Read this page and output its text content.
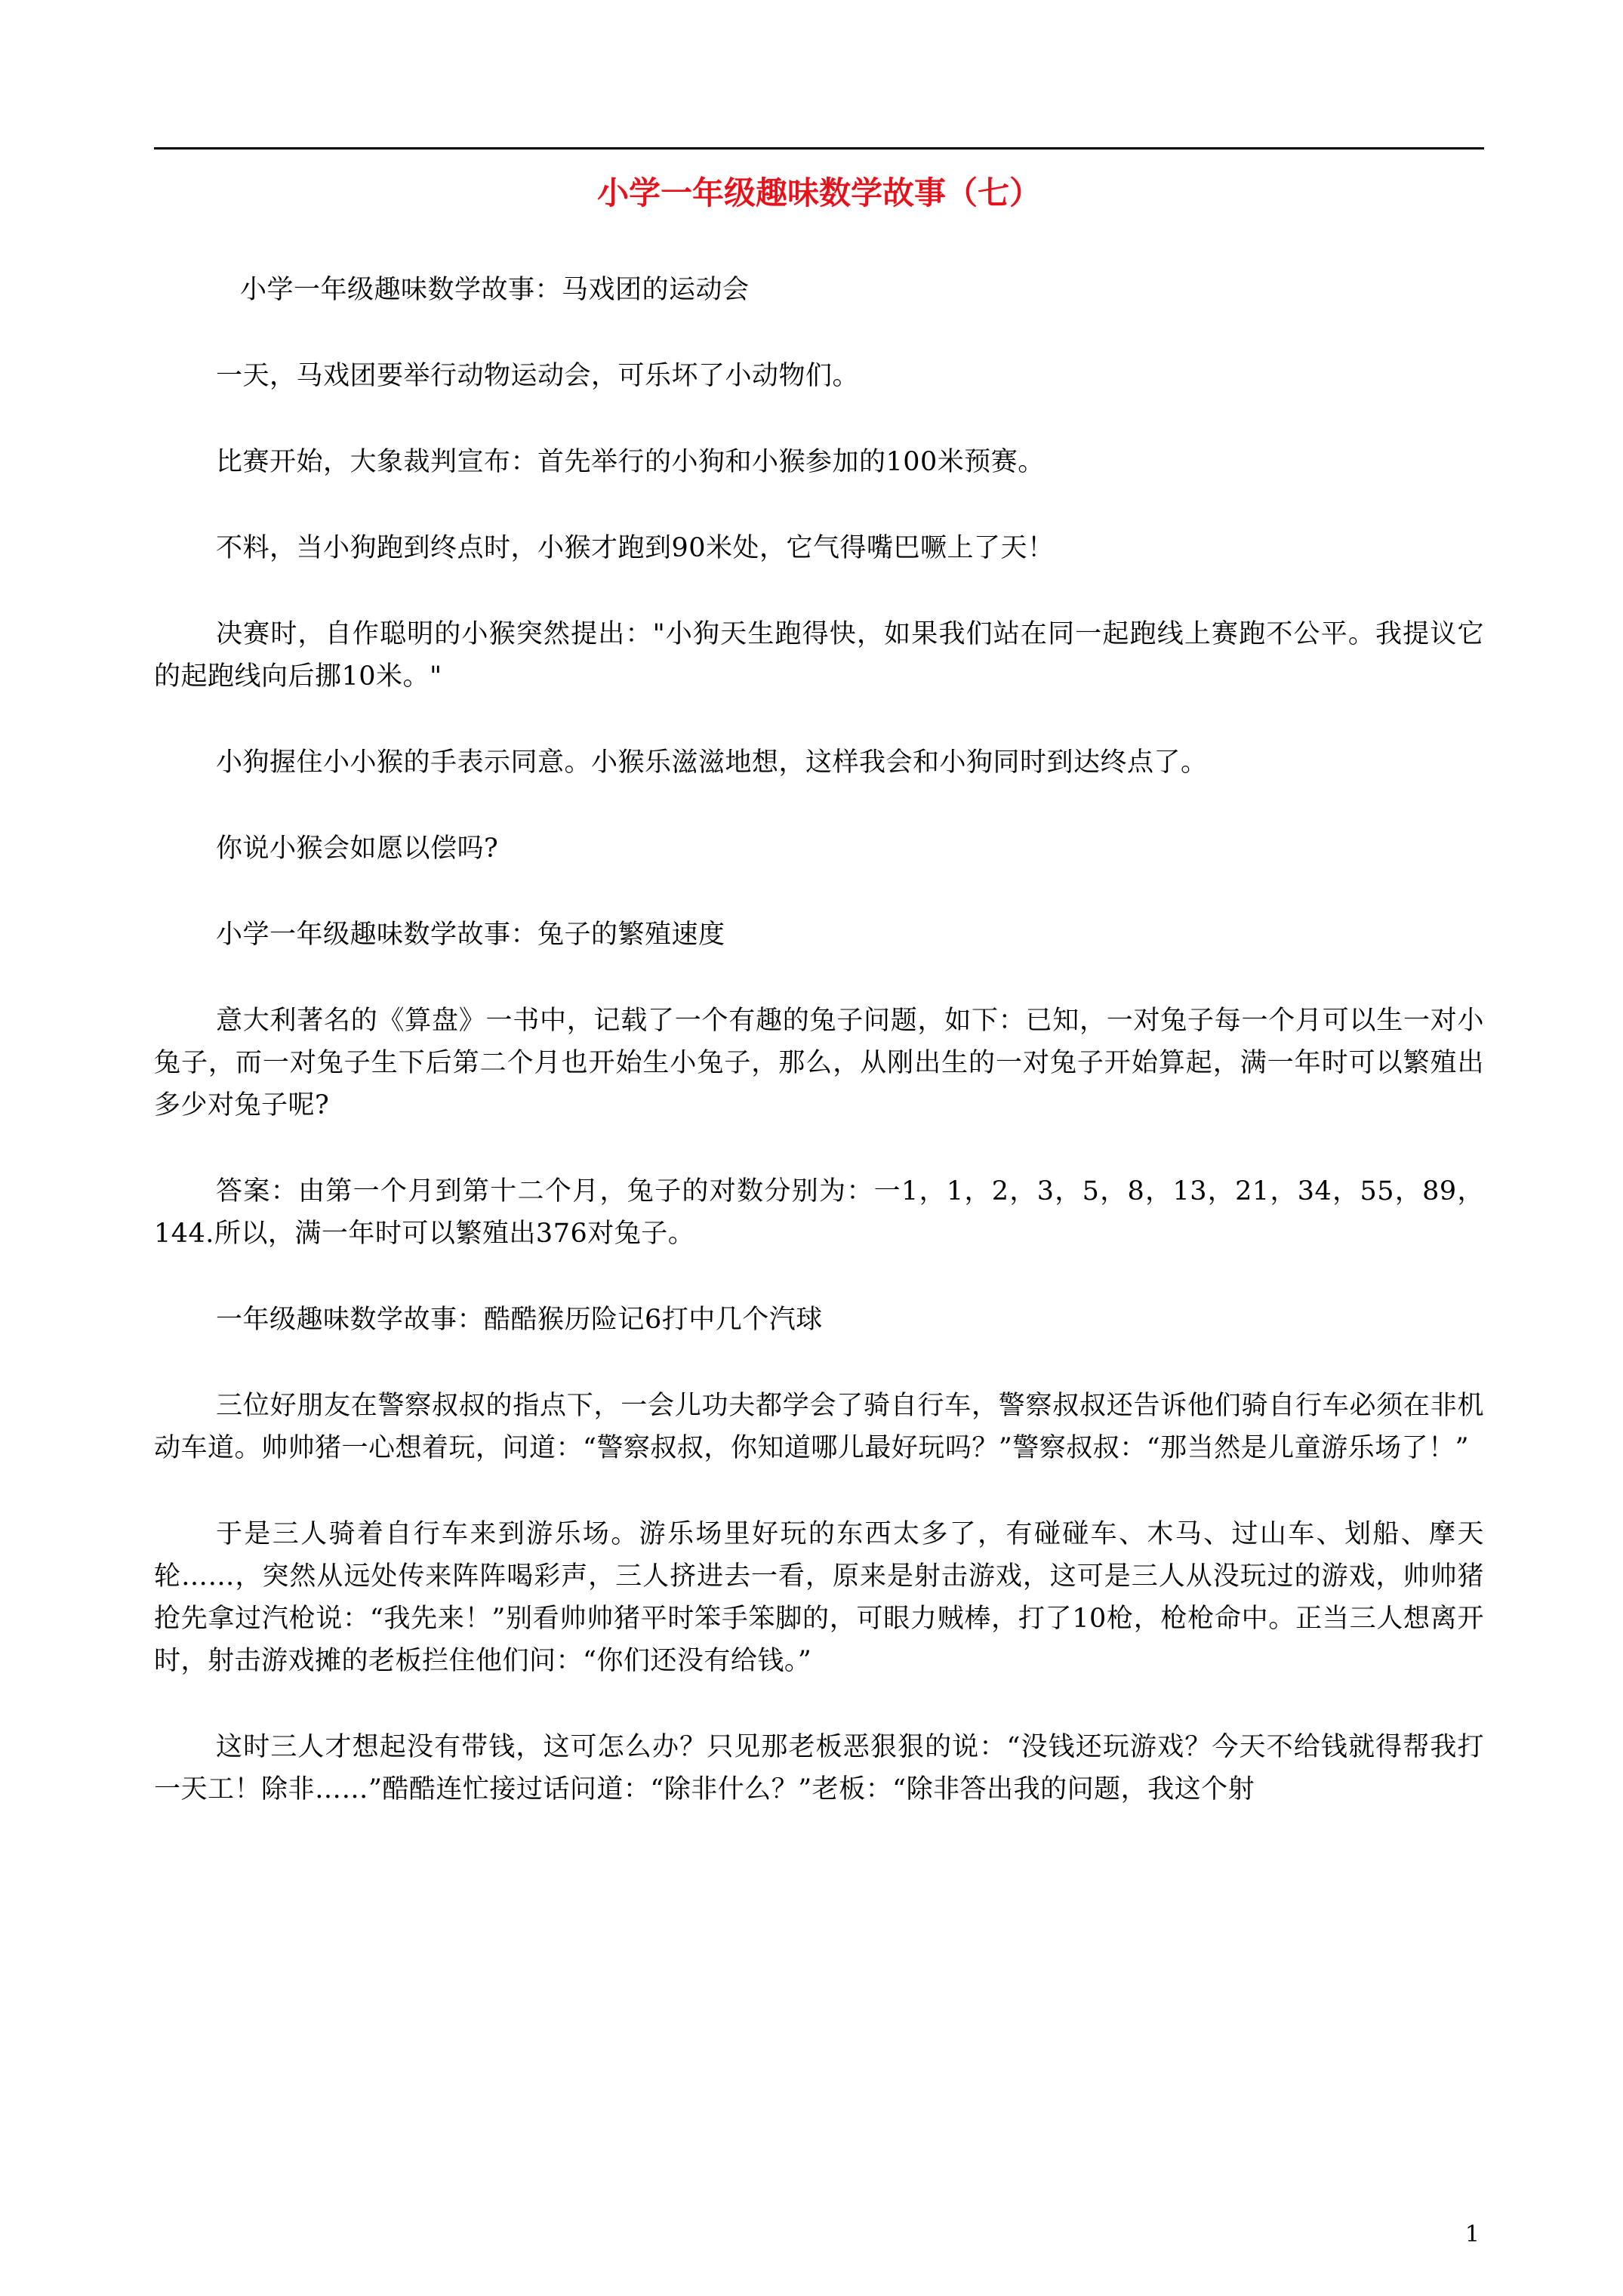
小学一年级趣味数学故事（七）

小学一年级趣味数学故事：马戏团的运动会

一天，马戏团要举行动物运动会，可乐坏了小动物们。

比赛开始，大象裁判宣布：首先举行的小狗和小猴参加的100米预赛。

不料，当小狗跑到终点时，小猴才跑到90米处，它气得嘴巴噘上了天！

决赛时，自作聪明的小猴突然提出："小狗天生跑得快，如果我们站在同一起跑线上赛跑不公平。我提议它的起跑线向后挪10米。"

小狗握住小小猴的手表示同意。小猴乐滋滋地想，这样我会和小狗同时到达终点了。

你说小猴会如愿以偿吗?

小学一年级趣味数学故事：兔子的繁殖速度

意大利著名的《算盘》一书中，记载了一个有趣的兔子问题，如下：已知，一对兔子每一个月可以生一对小兔子，而一对兔子生下后第二个月也开始生小兔子，那么，从刚出生的一对兔子开始算起，满一年时可以繁殖出多少对兔子呢?

答案：由第一个月到第十二个月，兔子的对数分别为：一1，1，2，3，5，8，13，21，34，55，89，144.所以，满一年时可以繁殖出376对兔子。

一年级趣味数学故事：酷酷猴历险记6打中几个汽球

三位好朋友在警察叔叔的指点下，一会儿功夫都学会了骑自行车，警察叔叔还告诉他们骑自行车必须在非机动车道。帅帅猪一心想着玩，问道：“警察叔叔，你知道哪儿最好玩吗？”警察叔叔：“那当然是儿童游乐场了！”

于是三人骑着自行车来到游乐场。游乐场里好玩的东西太多了，有碰碰车、木马、过山车、划船、摩天轮……，突然从远处传来阵阵喝彩声，三人挤进去一看，原来是射击游戏，这可是三人从没玩过的游戏，帅帅猪抢先拿过汽枪说：“我先来！”别看帅帅猪平时笨手笨脚的，可眼力贼棒，打了10枪，枪枪命中。正当三人想离开时，射击游戏摊的老板拦住他们问：“你们还没有给钱。”

这时三人才想起没有带钱，这可怎么办？只见那老板恶狠狠的说：“没钱还玩游戏？今天不给钱就得帮我打一天工！除非……”酷酷连忙接过话问道：“除非什么？”老板：“除非答出我的问题，我这个射

1
